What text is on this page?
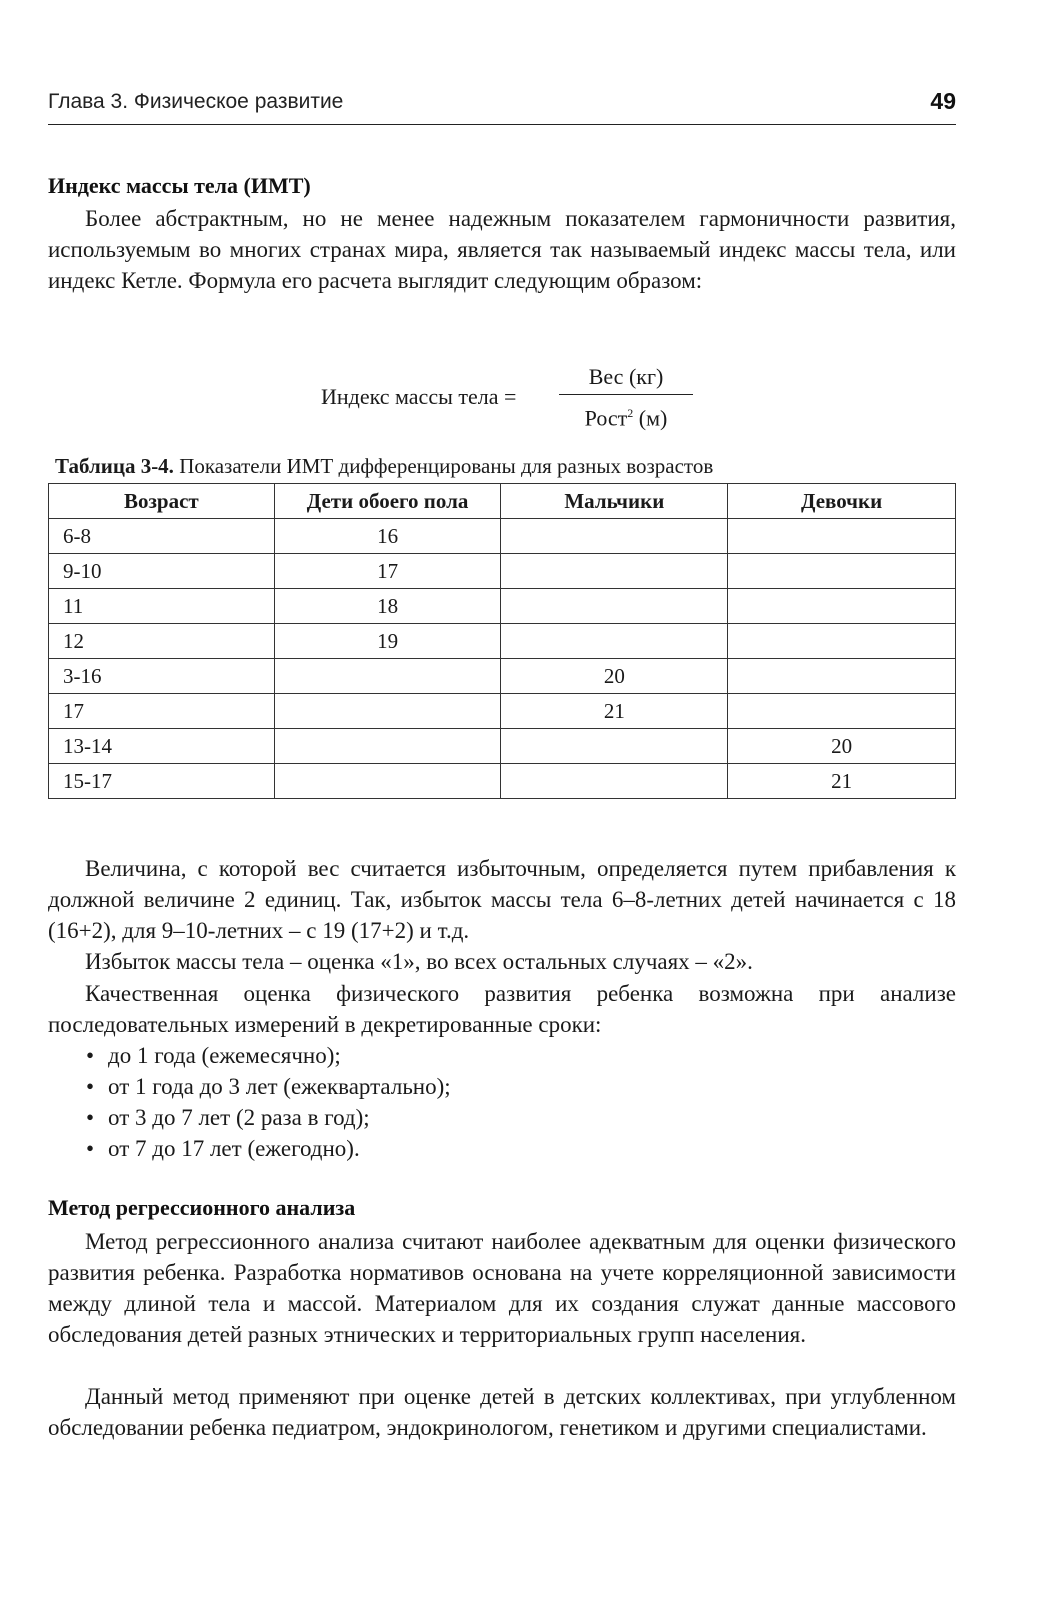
Глава 3. Физическое развитие	49
Индекс массы тела (ИМТ)

Более абстрактным, но не менее надежным показателем гармоничности развития, используемым во многих странах мира, является так называемый индекс массы тела, или индекс Кетле. Формула его расчета выглядит следующим образом:

Индекс массы тела =
Вес (кг)
Рост$^2$ (м)
Таблица 3-4. Показатели ИМТ дифференцированы для разных возрастов
Возраст	Дети обоего пола	Мальчики	Девочки
6-8	16		
9-10	17		
11	18		
12	19		
3-16		20	
17		21	
13-14			20
15-17			21

Величина, с которой вес считается избыточным, определяется путем прибавления к должной величине 2 единиц. Так, избыток массы тела 6–8-летних детей начинается с 18 (16+2), для 9–10-летних – с 19 (17+2) и т.д.

Избыток массы тела – оценка «1», во всех остальных случаях – «2».

Качественная оценка физического развития ребенка возможна при анализе последовательных измерений в декретированные сроки:

• до 1 года (ежемесячно);
• от 1 года до 3 лет (ежеквартально);
• от 3 до 7 лет (2 раза в год);
• от 7 до 17 лет (ежегодно).
Метод регрессионного анализа

Метод регрессионного анализа считают наиболее адекватным для оценки физического развития ребенка. Разработка нормативов основана на учете корреляционной зависимости между длиной тела и массой. Материалом для их создания служат данные массового обследования детей разных этнических и территориальных групп населения.

Данный метод применяют при оценке детей в детских коллективах, при углубленном обследовании ребенка педиатром, эндокринологом, генетиком и другими специалистами.
